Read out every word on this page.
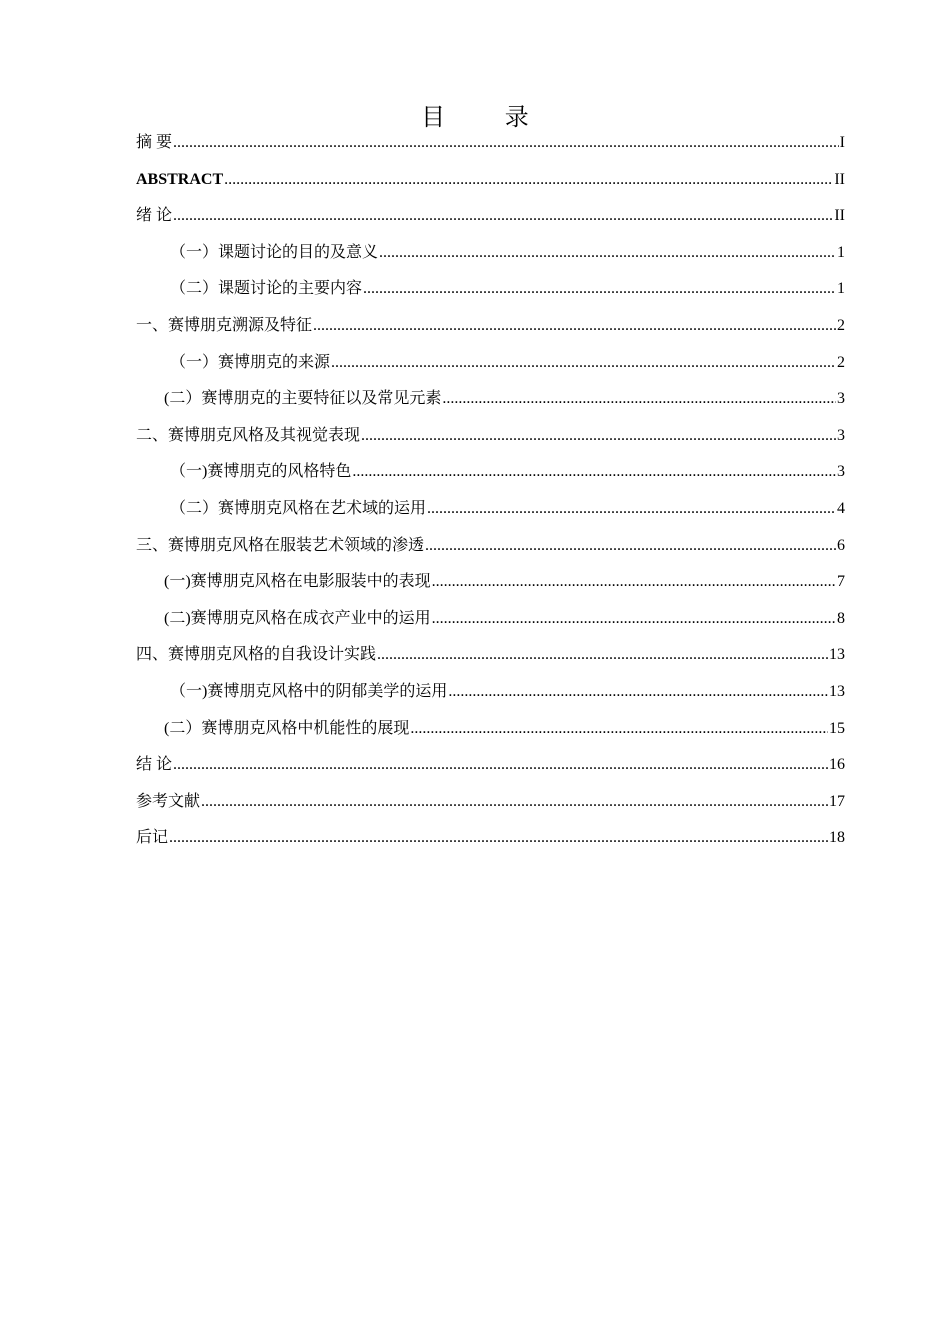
目 录
摘 要 .....	I
ABSTRACT .....	II
绪 论 .....	II
（一）课题讨论的目的及意义 .....	1
（二）课题讨论的主要内容 .....	1
一、赛博朋克溯源及特征 .....	2
（一）赛博朋克的来源 .....	2
(二）赛博朋克的主要特征以及常见元素 .....	3
二、赛博朋克风格及其视觉表现 .....	3
（一)赛博朋克的风格特色 .....	3
（二）赛博朋克风格在艺术域的运用 .....	4
三、赛博朋克风格在服装艺术领域的渗透 .....	6
(一)赛博朋克风格在电影服装中的表现 .....	7
(二)赛博朋克风格在成衣产业中的运用 .....	8
四、赛博朋克风格的自我设计实践 .....	13
（一)赛博朋克风格中的阴郁美学的运用 .....	13
(二）赛博朋克风格中机能性的展现 .....	15
结 论 .....	16
参考文献 .....	17
后记 .....	18
